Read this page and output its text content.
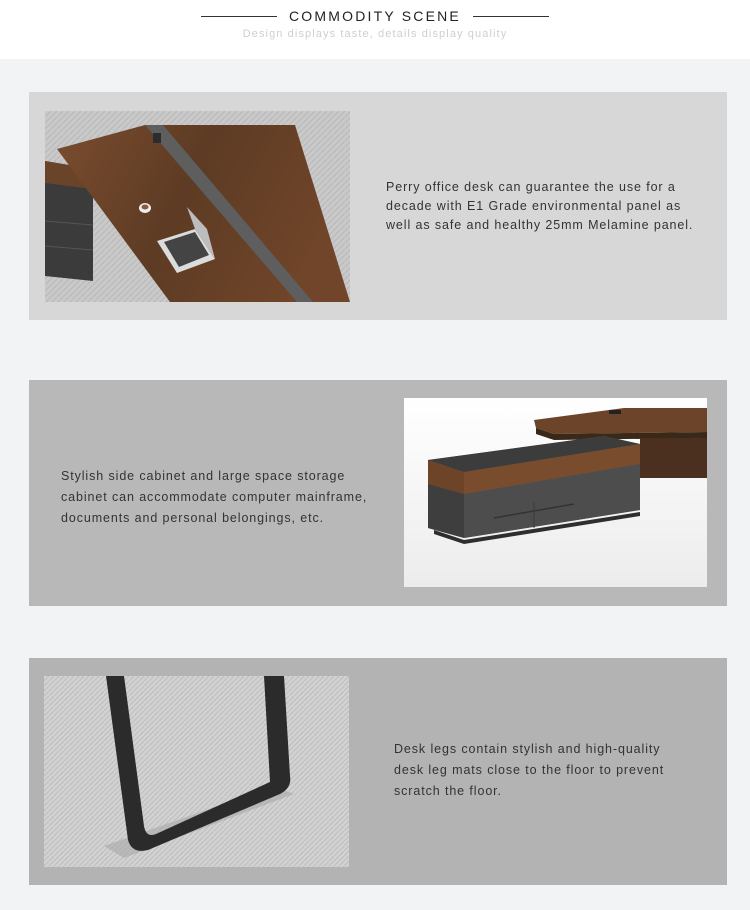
COMMODITY SCENE
Design displays taste, details display quality

Perry office desk can guarantee the use for a

decade with E1 Grade environmental panel as

well as safe and healthy 25mm Melamine panel.

Stylish side cabinet and large space storage

cabinet can accommodate computer mainframe,

documents and personal belongings, etc.

Desk legs contain stylish and high-quality

desk leg mats close to the floor to prevent

scratch the floor.
